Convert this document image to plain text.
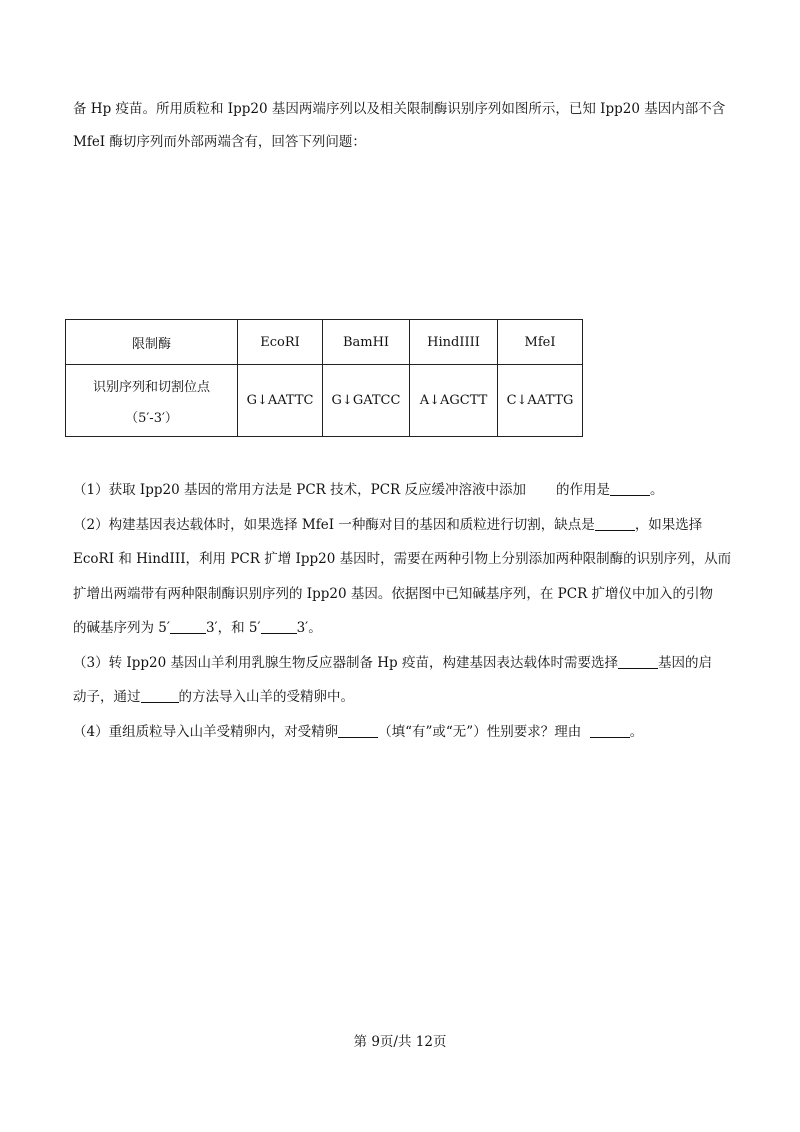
备 Hp 疫苗。所用质粒和 Ipp20 基因两端序列以及相关限制酶识别序列如图所示，已知 Ipp20 基因内部不含

MfeI 酶切序列而外部两端含有，回答下列问题：

限制酶	EcoRI	BamHI	HindIIII	MfeI
识别序列和切割位点
（5′-3′）	G↓AATTC	G↓GATCC	A↓AGCTT	C↓AATTG

（1）获取 Ipp20 基因的常用方法是 PCR 技术，PCR 反应缓冲溶液中添加 的作用是	。

（2）构建基因表达载体时，如果选择 MfeI 一种酶对目的基因和质粒进行切割，缺点是	，如果选择

EcoRI 和 HindIII，利用 PCR 扩增 Ipp20 基因时，需要在两种引物上分别添加两种限制酶的识别序列，从而

扩增出两端带有两种限制酶识别序列的 Ipp20 基因。依据图中已知碱基序列，在 PCR 扩增仪中加入的引物

的碱基序列为 5′	3′，和 5′	3′。

（3）转 Ipp20 基因山羊利用乳腺生物反应器制备 Hp 疫苗，构建基因表达载体时需要选择	基因的启

动子，通过	的方法导入山羊的受精卵中。

（4）重组质粒导入山羊受精卵内，对受精卵	（填“有”或“无”）性别要求？理由	。

第 9页/共 12页
